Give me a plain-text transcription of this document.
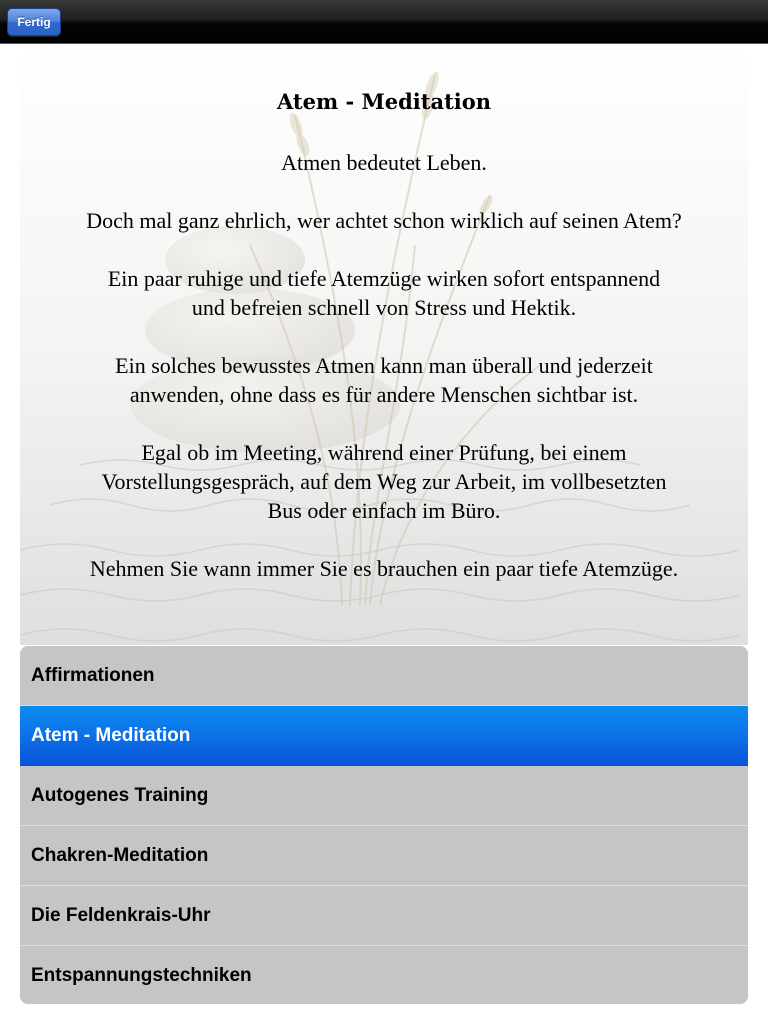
Fertig
Atem - Meditation

Atmen bedeutet Leben.

Doch mal ganz ehrlich, wer achtet schon wirklich auf seinen Atem?

Ein paar ruhige und tiefe Atemzüge wirken sofort entspannend
und befreien schnell von Stress und Hektik.

Ein solches bewusstes Atmen kann man überall und jederzeit
anwenden, ohne dass es für andere Menschen sichtbar ist.

Egal ob im Meeting, während einer Prüfung, bei einem
Vorstellungsgespräch, auf dem Weg zur Arbeit, im vollbesetzten
Bus oder einfach im Büro.

Nehmen Sie wann immer Sie es brauchen ein paar tiefe Atemzüge.

Affirmationen
Atem - Meditation
Autogenes Training
Chakren-Meditation
Die Feldenkrais-Uhr
Entspannungstechniken
